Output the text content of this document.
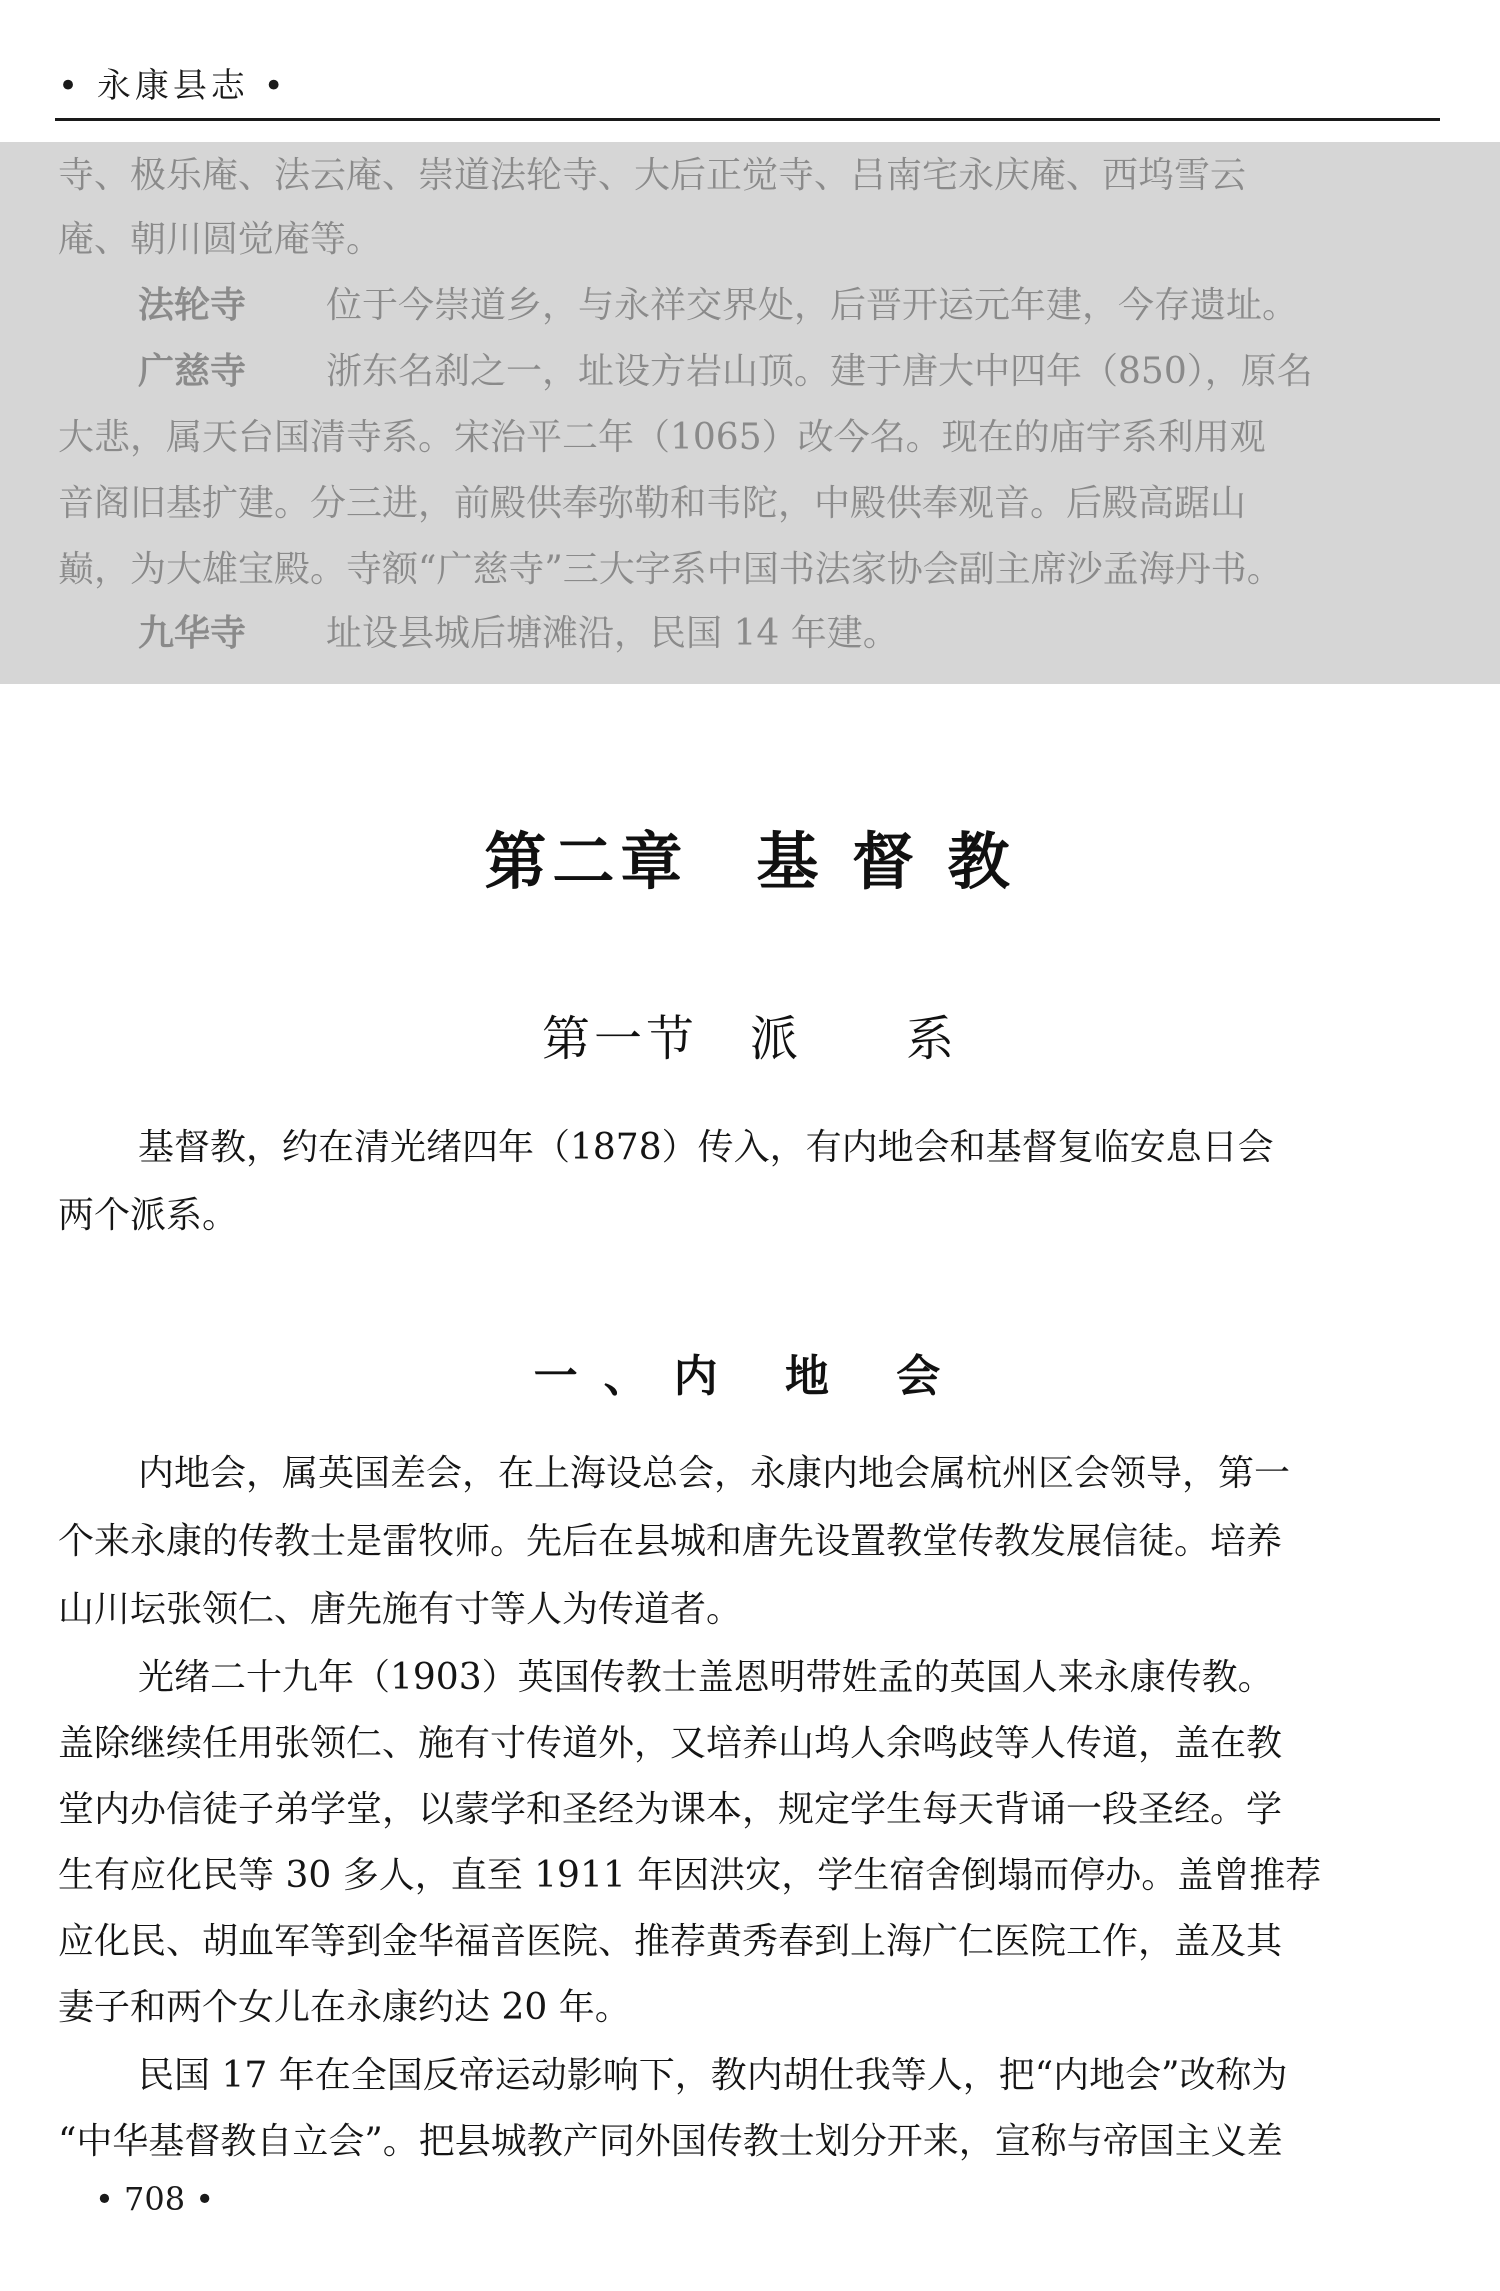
• 永康县志 •

寺、极乐庵、法云庵、崇道法轮寺、大后正觉寺、吕南宅永庆庵、西坞雪云

庵、朝川圆觉庵等。

法轮寺 位于今崇道乡，与永祥交界处，后晋开运元年建，今存遗址。

广慈寺 浙东名刹之一，址设方岩山顶。建于唐大中四年（850），原名

大悲，属天台国清寺系。宋治平二年（1065）改今名。现在的庙宇系利用观

音阁旧基扩建。分三进，前殿供奉弥勒和韦陀，中殿供奉观音。后殿高踞山

巅，为大雄宝殿。寺额“广慈寺”三大字系中国书法家协会副主席沙孟海丹书。

九华寺 址设县城后塘滩沿，民国 14 年建。

第二章　基 督 教
第一节　派　　系

基督教，约在清光绪四年（1878）传入，有内地会和基督复临安息日会

两个派系。

一、内 地 会

内地会，属英国差会，在上海设总会，永康内地会属杭州区会领导，第一

个来永康的传教士是雷牧师。先后在县城和唐先设置教堂传教发展信徒。培养

山川坛张领仁、唐先施有寸等人为传道者。

光绪二十九年（1903）英国传教士盖恩明带姓孟的英国人来永康传教。

盖除继续任用张领仁、施有寸传道外，又培养山坞人余鸣歧等人传道，盖在教

堂内办信徒子弟学堂，以蒙学和圣经为课本，规定学生每天背诵一段圣经。学

生有应化民等 30 多人，直至 1911 年因洪灾，学生宿舍倒塌而停办。盖曾推荐

应化民、胡血军等到金华福音医院、推荐黄秀春到上海广仁医院工作，盖及其

妻子和两个女儿在永康约达 20 年。

民国 17 年在全国反帝运动影响下，教内胡仕我等人，把“内地会”改称为

“中华基督教自立会”。把县城教产同外国传教士划分开来，宣称与帝国主义差

• 708 •
